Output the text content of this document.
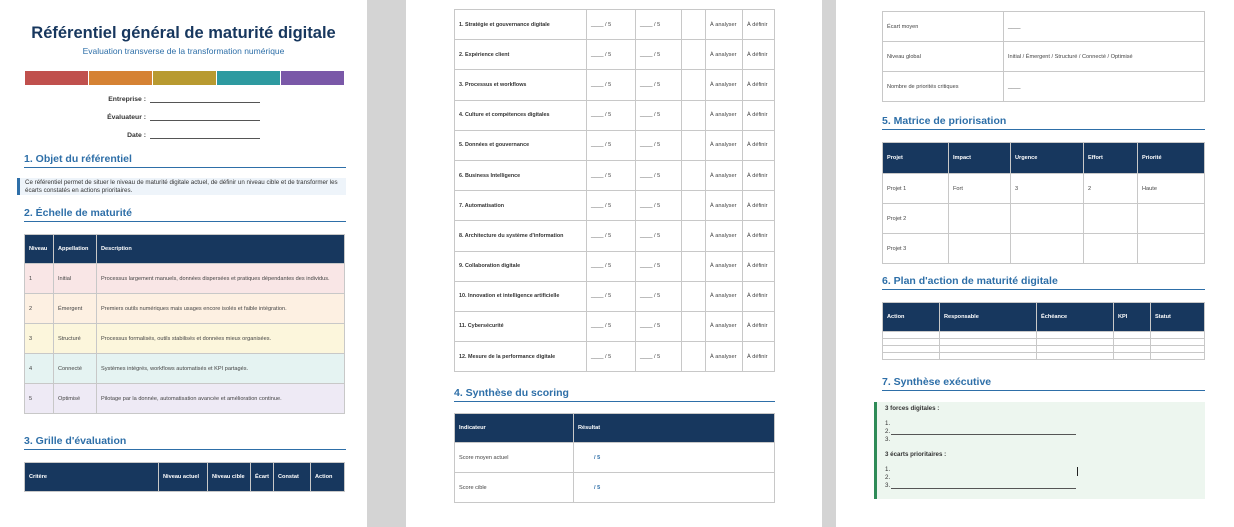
Référentiel général de maturité digitale
Evaluation transverse de la transformation numérique
Entreprise :
Évaluateur :
Date :
1. Objet du référentiel
Ce référentiel permet de situer le niveau de maturité digitale actuel, de définir un niveau cible et de transformer les écarts constatés en actions prioritaires.
2. Échelle de maturité
Niveau	Appellation	Description
1	Initial	Processus largement manuels, données dispersées et pratiques dépendantes des individus.
2	Émergent	Premiers outils numériques mais usages encore isolés et faible intégration.
3	Structuré	Processus formalisés, outils stabilisés et données mieux organisées.
4	Connecté	Systèmes intégrés, workflows automatisés et KPI partagés.
5	Optimisé	Pilotage par la donnée, automatisation avancée et amélioration continue.
3. Grille d'évaluation
Critère	Niveau actuel	Niveau cible	Écart	Constat	Action
1. Stratégie et gouvernance digitale	____ / 5	____ / 5		À analyser	À définir
2. Expérience client	____ / 5	____ / 5		À analyser	À définir
3. Processus et workflows	____ / 5	____ / 5		À analyser	À définir
4. Culture et compétences digitales	____ / 5	____ / 5		À analyser	À définir
5. Données et gouvernance	____ / 5	____ / 5		À analyser	À définir
6. Business Intelligence	____ / 5	____ / 5		À analyser	À définir
7. Automatisation	____ / 5	____ / 5		À analyser	À définir
8. Architecture du système d'information	____ / 5	____ / 5		À analyser	À définir
9. Collaboration digitale	____ / 5	____ / 5		À analyser	À définir
10. Innovation et intelligence artificielle	____ / 5	____ / 5		À analyser	À définir
11. Cybersécurité	____ / 5	____ / 5		À analyser	À définir
12. Mesure de la performance digitale	____ / 5	____ / 5		À analyser	À définir
4. Synthèse du scoring
Indicateur	Résultat
Score moyen actuel	/ 5
Score cible	/ 5
Écart moyen	____
Niveau global	Initial / Émergent / Structuré / Connecté / Optimisé
Nombre de priorités critiques	____
5. Matrice de priorisation
Projet	Impact	Urgence	Effort	Priorité
Projet 1	Fort	3	2	Haute
Projet 2				
Projet 3				
6. Plan d'action de maturité digitale
Action	Responsable	Échéance	KPI	Statut

7. Synthèse exécutive
3 forces digitales :
1.
2.
3.
3 écarts prioritaires :
1.
2.
3.
